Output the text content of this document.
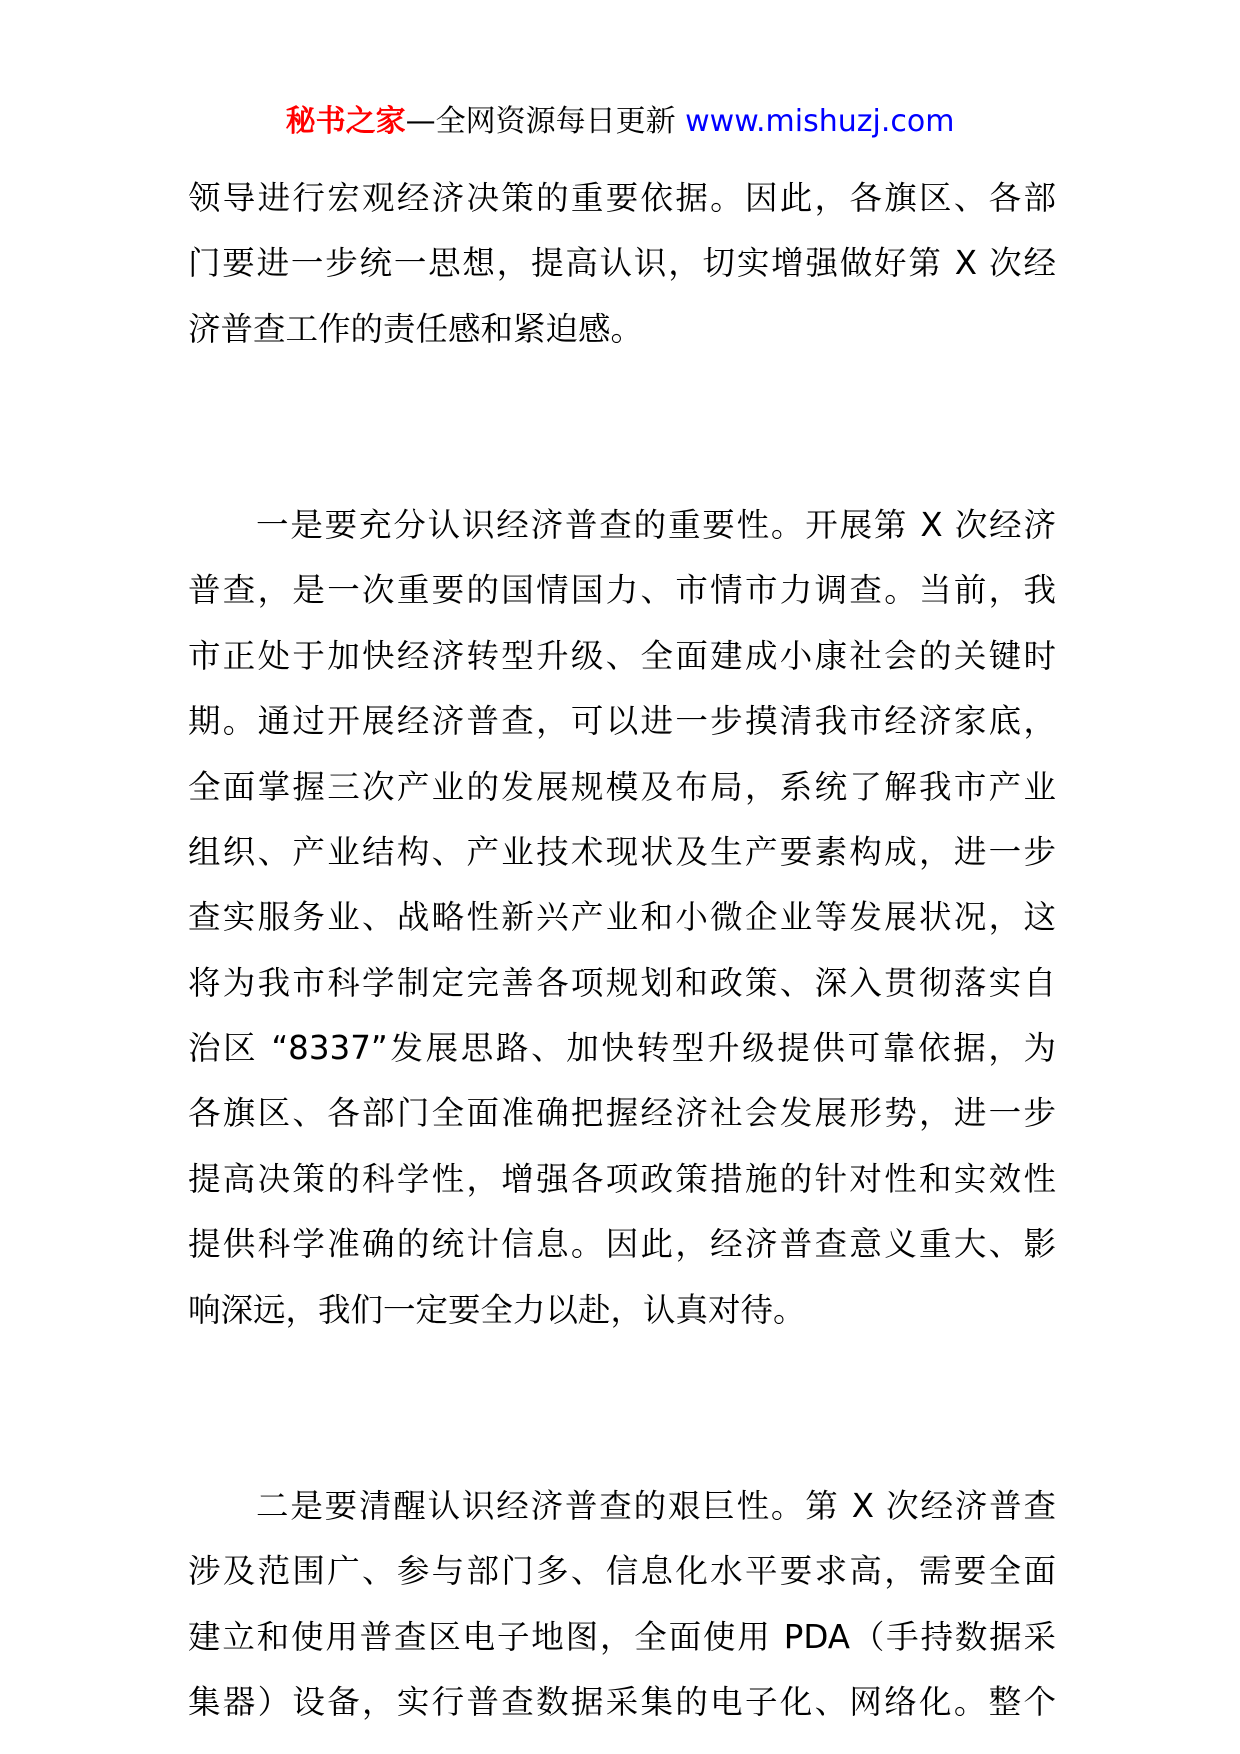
秘书之家—全网资源每日更新 www.mishuzj.com
领导进行宏观经济决策的重要依据。因此，各旗区、各部
门要进一步统一思想，提高认识，切实增强做好第 X 次经
济普查工作的责任感和紧迫感。
一是要充分认识经济普查的重要性。开展第 X 次经济
普查，是一次重要的国情国力、市情市力调查。当前，我
市正处于加快经济转型升级、全面建成小康社会的关键时
期。通过开展经济普查，可以进一步摸清我市经济家底，
全面掌握三次产业的发展规模及布局，系统了解我市产业
组织、产业结构、产业技术现状及生产要素构成，进一步
查实服务业、战略性新兴产业和小微企业等发展状况，这
将为我市科学制定完善各项规划和政策、深入贯彻落实自
治区 “8337”发展思路、加快转型升级提供可靠依据，为
各旗区、各部门全面准确把握经济社会发展形势，进一步
提高决策的科学性，增强各项政策措施的针对性和实效性
提供科学准确的统计信息。因此，经济普查意义重大、影
响深远，我们一定要全力以赴，认真对待。
二是要清醒认识经济普查的艰巨性。第 X 次经济普查
涉及范围广、参与部门多、信息化水平要求高，需要全面
建立和使用普查区电子地图，全面使用 PDA（手持数据采
集器）设备，实行普查数据采集的电子化、网络化。整个
